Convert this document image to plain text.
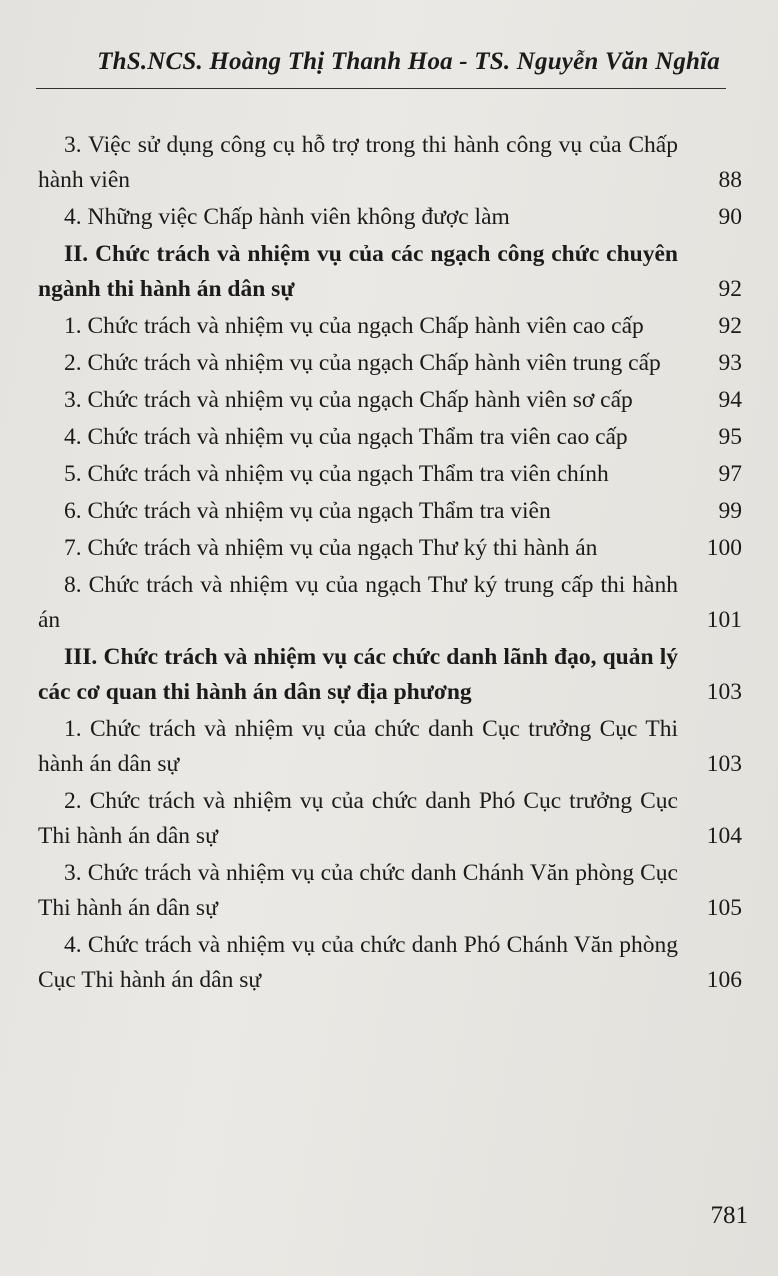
ThS.NCS. Hoàng Thị Thanh Hoa - TS. Nguyễn Văn Nghĩa

3. Việc sử dụng công cụ hỗ trợ trong thi hành công vụ của Chấp hành viên	88

4. Những việc Chấp hành viên không được làm	90

II. Chức trách và nhiệm vụ của các ngạch công chức chuyên ngành thi hành án dân sự	92

1. Chức trách và nhiệm vụ của ngạch Chấp hành viên cao cấp	92

2. Chức trách và nhiệm vụ của ngạch Chấp hành viên trung cấp	93

3. Chức trách và nhiệm vụ của ngạch Chấp hành viên sơ cấp	94

4. Chức trách và nhiệm vụ của ngạch Thẩm tra viên cao cấp	95

5. Chức trách và nhiệm vụ của ngạch Thẩm tra viên chính	97

6. Chức trách và nhiệm vụ của ngạch Thẩm tra viên	99

7. Chức trách và nhiệm vụ của ngạch Thư ký thi hành án	100

8. Chức trách và nhiệm vụ của ngạch Thư ký trung cấp thi hành án	101

III. Chức trách và nhiệm vụ các chức danh lãnh đạo, quản lý các cơ quan thi hành án dân sự địa phương	103

1. Chức trách và nhiệm vụ của chức danh Cục trưởng Cục Thi hành án dân sự	103

2. Chức trách và nhiệm vụ của chức danh Phó Cục trưởng Cục Thi hành án dân sự	104

3. Chức trách và nhiệm vụ của chức danh Chánh Văn phòng Cục Thi hành án dân sự	105

4. Chức trách và nhiệm vụ của chức danh Phó Chánh Văn phòng Cục Thi hành án dân sự	106
781
